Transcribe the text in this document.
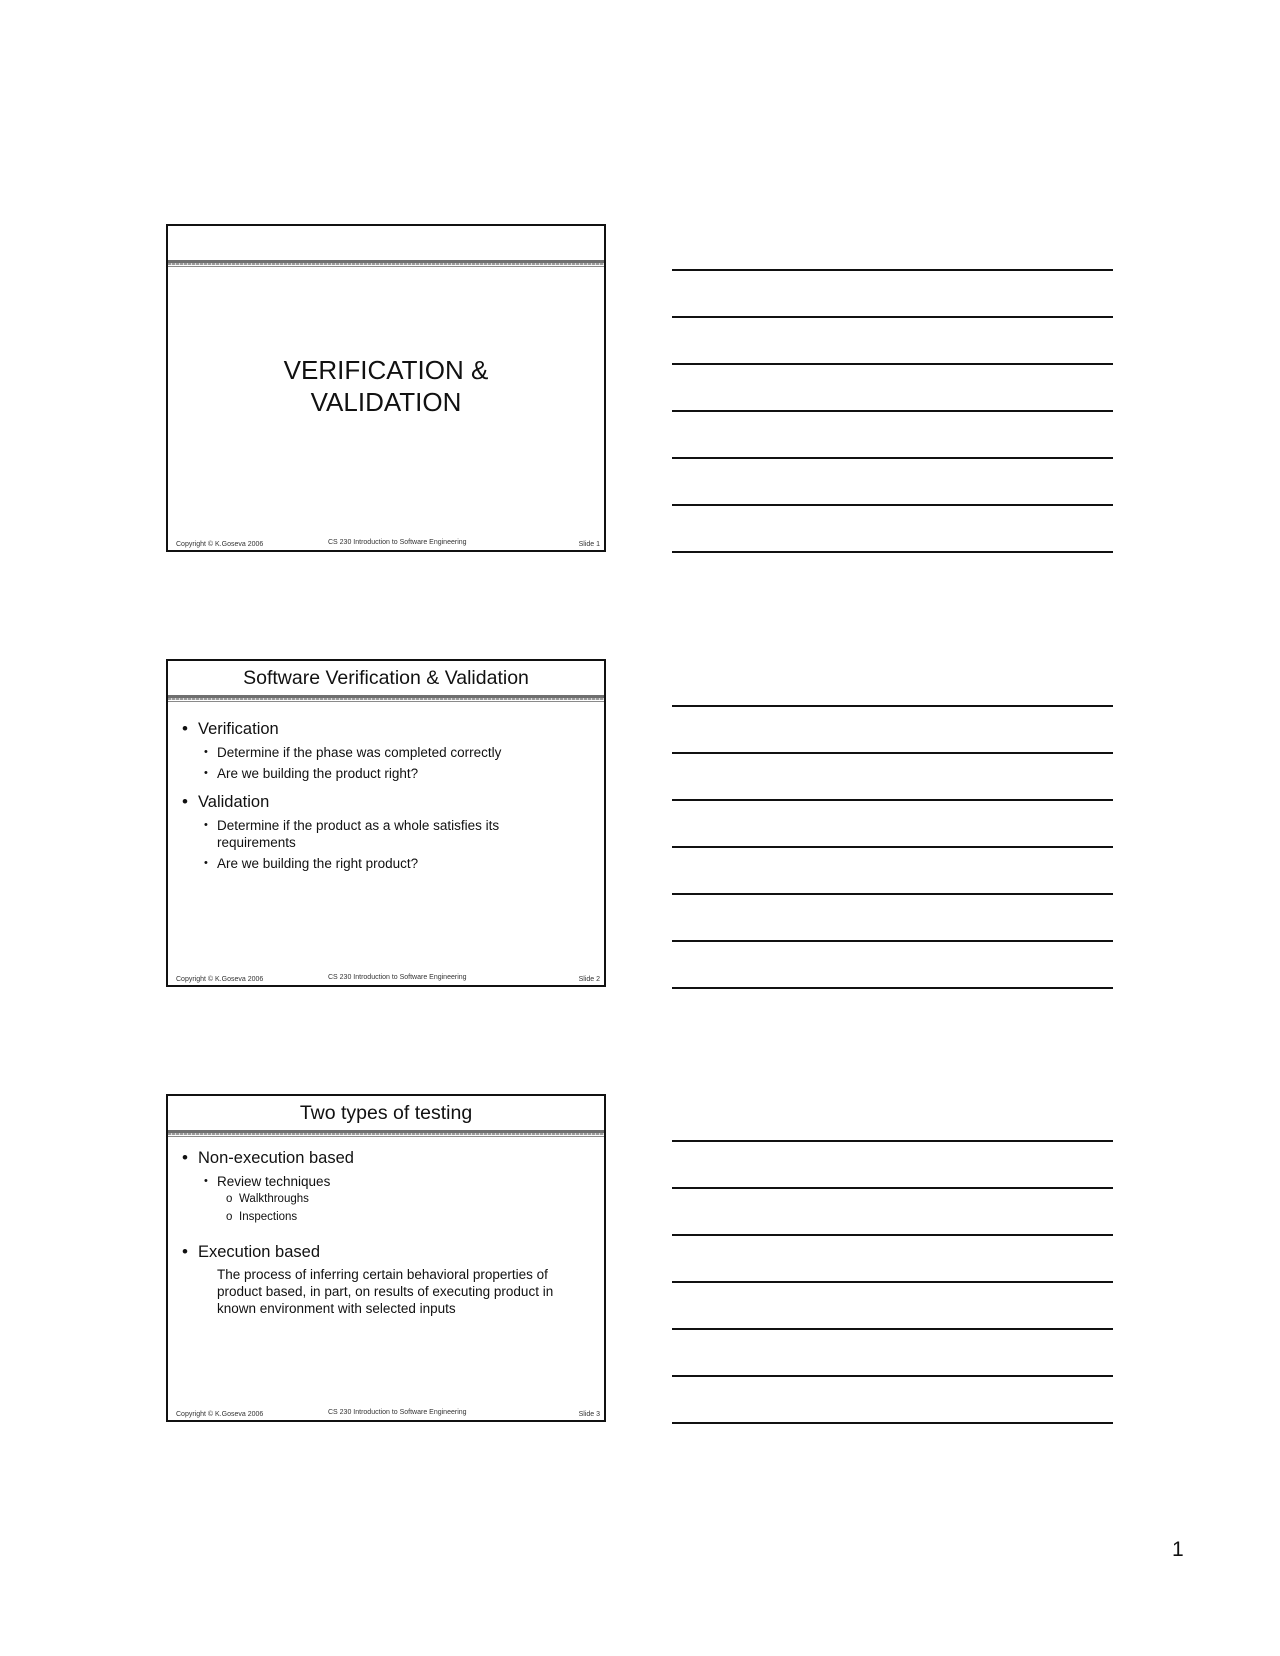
VERIFICATION &
VALIDATION
Copyright © K.Goseva 2006	CS 230 Introduction to Software Engineering	Slide 1
Software Verification & Validation
• Verification
• Determine if the phase was completed correctly
• Are we building the product right?
• Validation
• Determine if the product as a whole satisfies its requirements
• Are we building the right product?
Copyright © K.Goseva 2006	CS 230 Introduction to Software Engineering	Slide 2
Two types of testing
• Non-execution based
• Review techniques
o Walkthroughs
o Inspections
• Execution based
The process of inferring certain behavioral properties of product based, in part, on results of executing product in known environment with selected inputs
Copyright © K.Goseva 2006	CS 230 Introduction to Software Engineering	Slide 3
1
